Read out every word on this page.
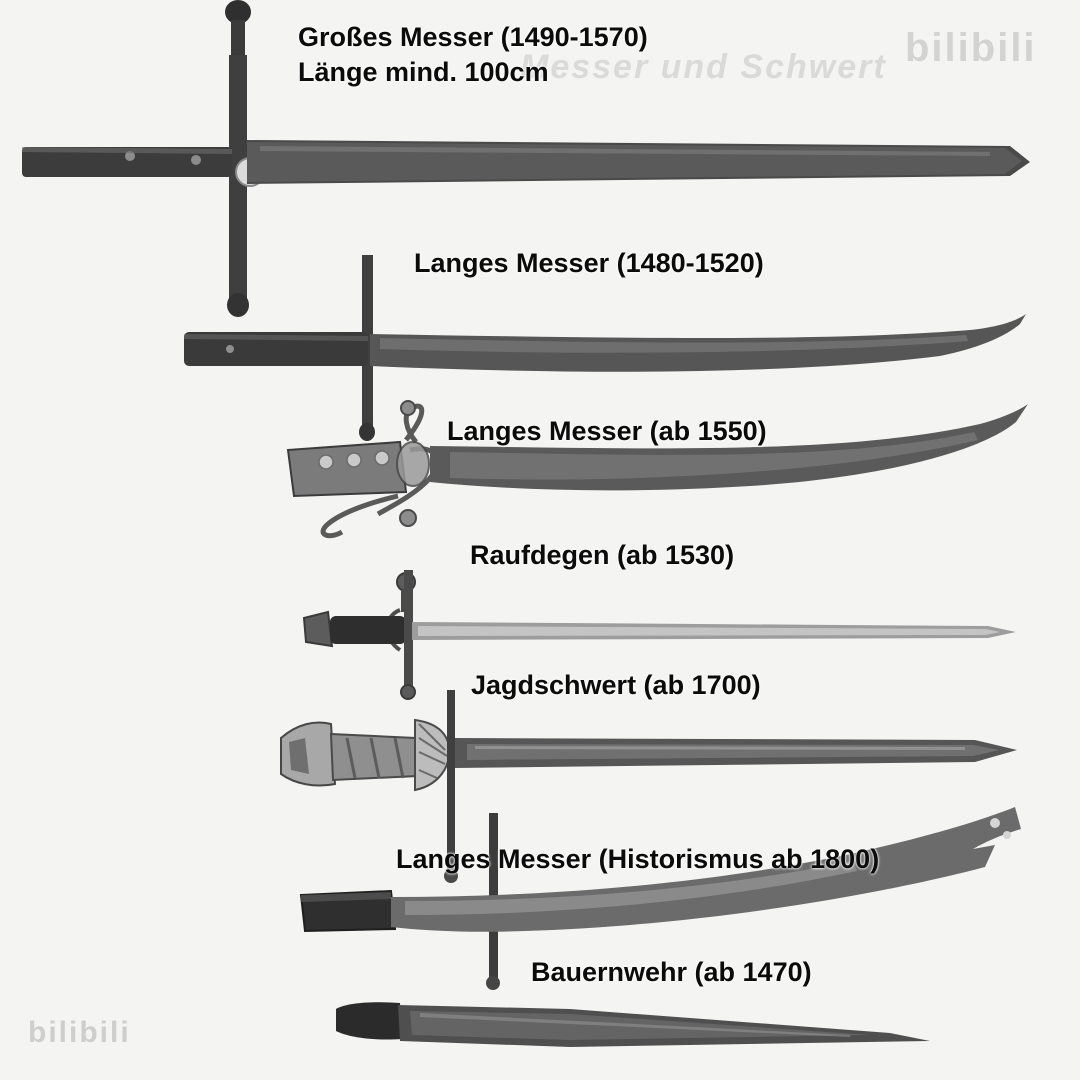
Messer und Schwert bilibili
bilibili
Großes Messer (1490-1570)
Länge mind. 100cm
Langes Messer (1480-1520)
Langes Messer (ab 1550)
Raufdegen (ab 1530)
Jagdschwert (ab 1700)
Langes Messer (Historismus ab 1800)
Bauernwehr (ab 1470)
